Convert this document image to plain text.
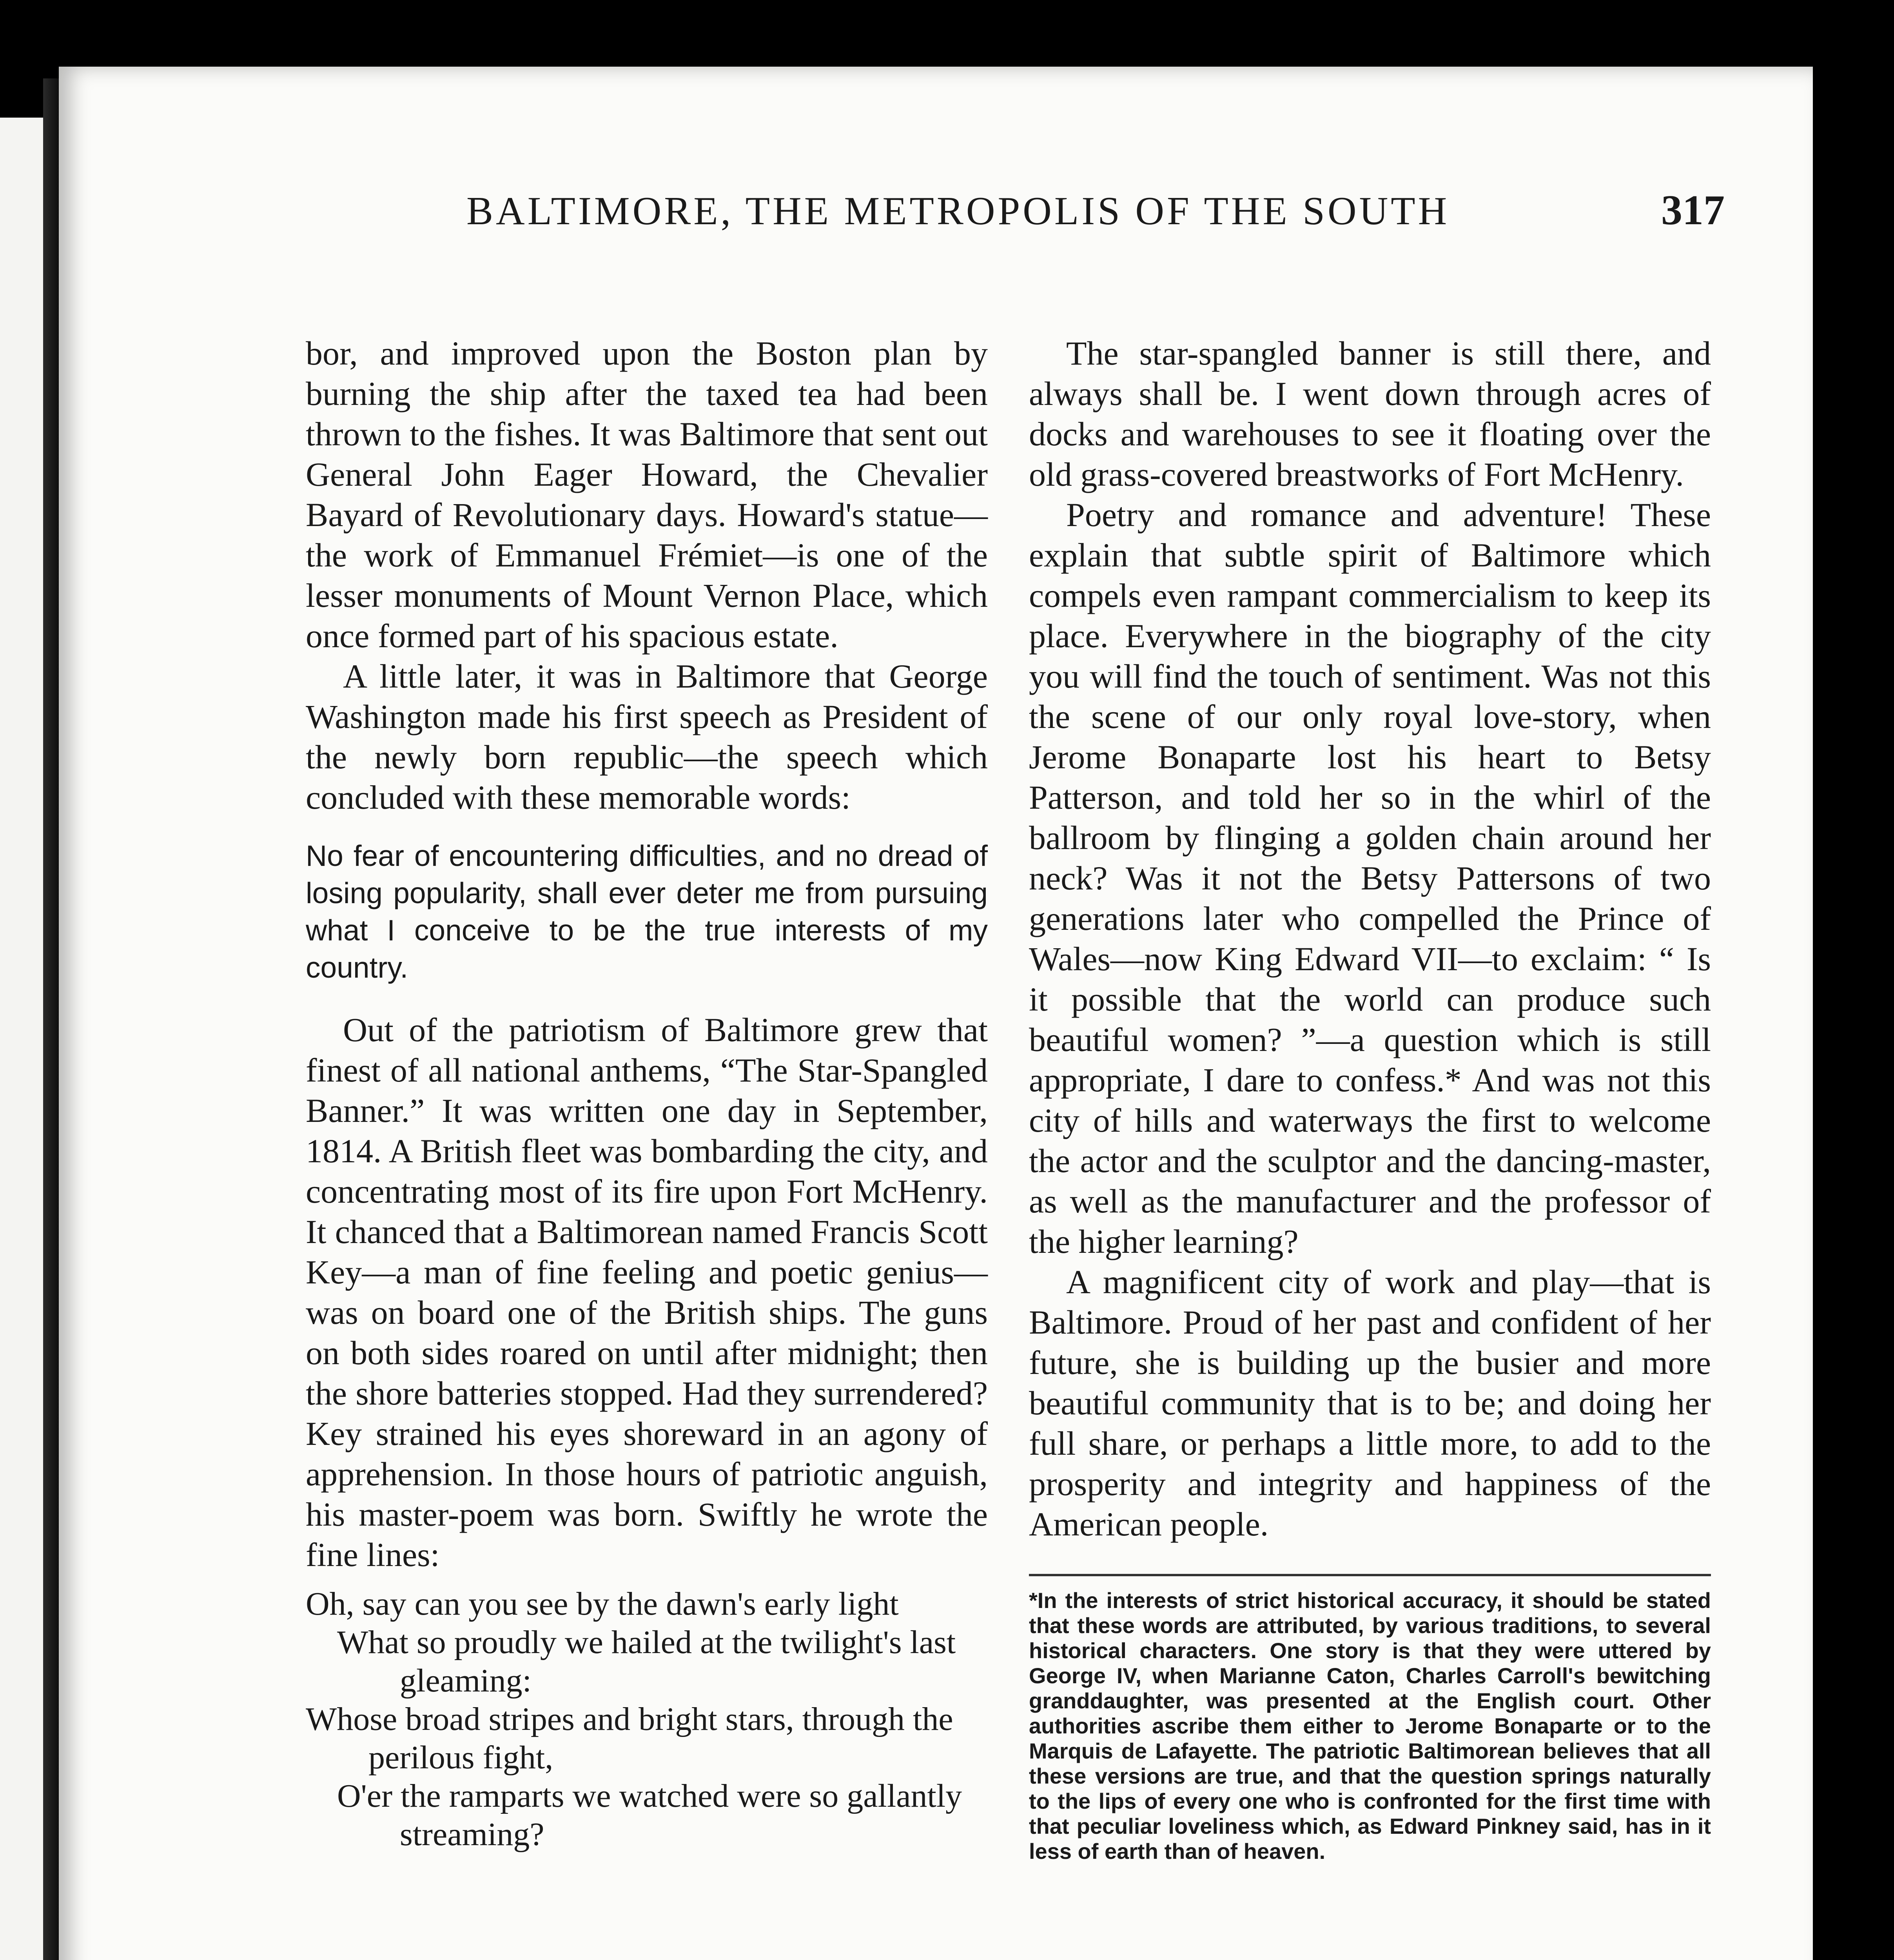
BALTIMORE, THE METROPOLIS OF THE SOUTH	317

bor, and improved upon the Boston plan by burning the ship after the taxed tea had been thrown to the fishes. It was Baltimore that sent out General John Eager Howard, the Chevalier Bayard of Revolutionary days. Howard's statue—the work of Emmanuel Frémiet—is one of the lesser monuments of Mount Vernon Place, which once formed part of his spacious estate.

A little later, it was in Baltimore that George Washington made his first speech as President of the newly born republic—the speech which concluded with these memorable words:

No fear of encountering difficulties, and no dread of losing popularity, shall ever deter me from pursuing what I conceive to be the true interests of my country.

Out of the patriotism of Baltimore grew that finest of all national anthems, “The Star-Spangled Banner.” It was written one day in September, 1814. A British fleet was bombarding the city, and concentrating most of its fire upon Fort McHenry. It chanced that a Baltimorean named Francis Scott Key—a man of fine feeling and poetic genius—was on board one of the British ships. The guns on both sides roared on until after midnight; then the shore batteries stopped. Had they surrendered? Key strained his eyes shoreward in an agony of apprehension. In those hours of patriotic anguish, his master-poem was born. Swiftly he wrote the fine lines:

Oh, say can you see by the dawn's early light
What so proudly we hailed at the twilight's last gleaming:
Whose broad stripes and bright stars, through the perilous fight,
O'er the ramparts we watched were so gallantly streaming?

The star-spangled banner is still there, and always shall be. I went down through acres of docks and warehouses to see it floating over the old grass-covered breastworks of Fort McHenry.

Poetry and romance and adventure! These explain that subtle spirit of Baltimore which compels even rampant commercialism to keep its place. Everywhere in the biography of the city you will find the touch of sentiment. Was not this the scene of our only royal love-story, when Jerome Bonaparte lost his heart to Betsy Patterson, and told her so in the whirl of the ballroom by flinging a golden chain around her neck? Was it not the Betsy Pattersons of two generations later who compelled the Prince of Wales—now King Edward VII—to exclaim: “ Is it possible that the world can produce such beautiful women? ”—a question which is still appropriate, I dare to confess.* And was not this city of hills and waterways the first to welcome the actor and the sculptor and the dancing-master, as well as the manufacturer and the professor of the higher learning?

A magnificent city of work and play—that is Baltimore. Proud of her past and confident of her future, she is building up the busier and more beautiful community that is to be; and doing her full share, or perhaps a little more, to add to the prosperity and integrity and happiness of the American people.

*In the interests of strict historical accuracy, it should be stated that these words are attributed, by various traditions, to several historical characters. One story is that they were uttered by George IV, when Marianne Caton, Charles Carroll's bewitching granddaughter, was presented at the English court. Other authorities ascribe them either to Jerome Bonaparte or to the Marquis de Lafayette. The patriotic Baltimorean believes that all these versions are true, and that the question springs naturally to the lips of every one who is confronted for the first time with that peculiar loveliness which, as Edward Pinkney said, has in it less of earth than of heaven.
